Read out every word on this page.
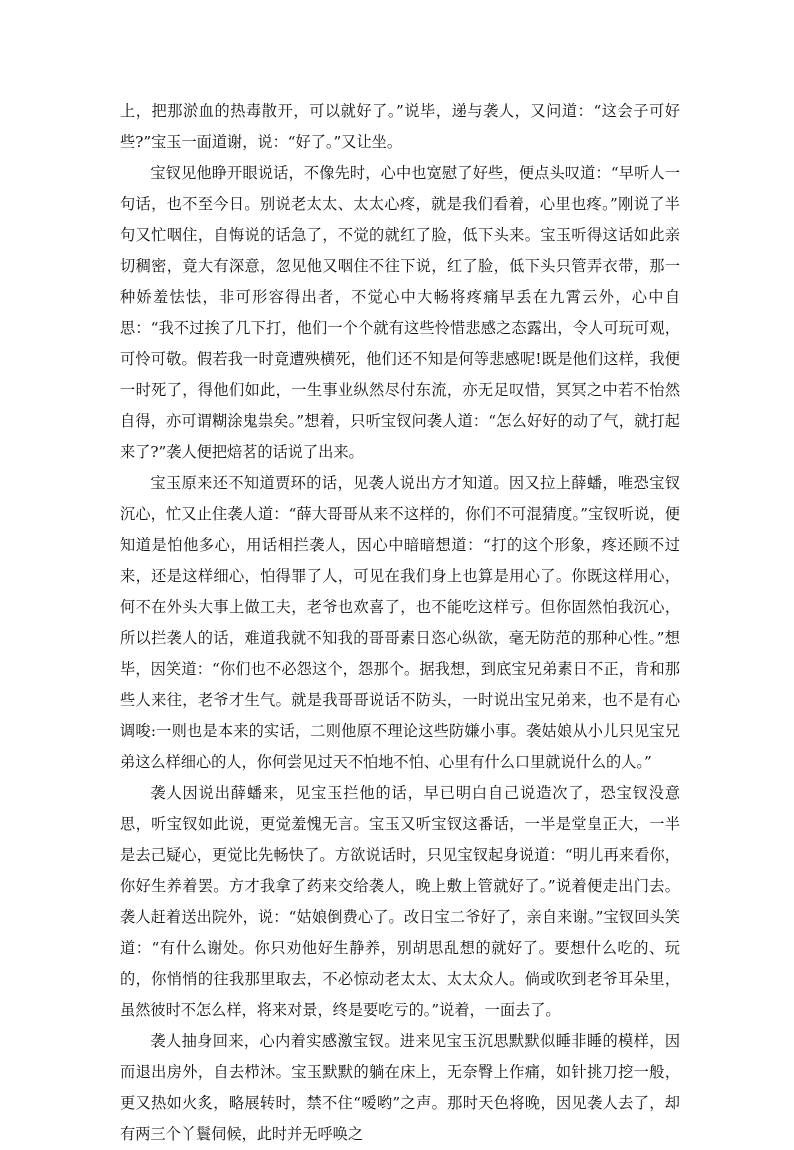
上，把那淤血的热毒散开，可以就好了。”说毕，递与袭人，又问道：“这会子可好些?”宝玉一面道谢，说：“好了。”又让坐。

宝钗见他睁开眼说话，不像先时，心中也宽慰了好些，便点头叹道：“早听人一句话，也不至今日。别说老太太、太太心疼，就是我们看着，心里也疼。”刚说了半句又忙咽住，自悔说的话急了，不觉的就红了脸，低下头来。宝玉听得这话如此亲切稠密，竟大有深意，忽见他又咽住不往下说，红了脸，低下头只管弄衣带，那一种娇羞怯怯，非可形容得出者，不觉心中大畅将疼痛早丢在九霄云外，心中自思：“我不过挨了几下打，他们一个个就有这些怜惜悲感之态露出，令人可玩可观，可怜可敬。假若我一时竟遭殃横死，他们还不知是何等悲感呢!既是他们这样，我便一时死了，得他们如此，一生事业纵然尽付东流，亦无足叹惜，冥冥之中若不怡然自得，亦可谓糊涂鬼祟矣。”想着，只听宝钗问袭人道：“怎么好好的动了气，就打起来了?”袭人便把焙茗的话说了出来。

宝玉原来还不知道贾环的话，见袭人说出方才知道。因又拉上薛蟠，唯恐宝钗沉心，忙又止住袭人道：“薛大哥哥从来不这样的，你们不可混猜度。”宝钗听说，便知道是怕他多心，用话相拦袭人，因心中暗暗想道：“打的这个形象，疼还顾不过来，还是这样细心，怕得罪了人，可见在我们身上也算是用心了。你既这样用心，何不在外头大事上做工夫，老爷也欢喜了，也不能吃这样亏。但你固然怕我沉心，所以拦袭人的话，难道我就不知我的哥哥素日恣心纵欲，毫无防范的那种心性。”想毕，因笑道：“你们也不必怨这个，怨那个。据我想，到底宝兄弟素日不正，肯和那些人来往，老爷才生气。就是我哥哥说话不防头，一时说出宝兄弟来，也不是有心调唆:一则也是本来的实话，二则他原不理论这些防嫌小事。袭姑娘从小儿只见宝兄弟这么样细心的人，你何尝见过天不怕地不怕、心里有什么口里就说什么的人。”

袭人因说出薛蟠来，见宝玉拦他的话，早已明白自己说造次了，恐宝钗没意思，听宝钗如此说，更觉羞愧无言。宝玉又听宝钗这番话，一半是堂皇正大，一半是去己疑心，更觉比先畅快了。方欲说话时，只见宝钗起身说道：“明儿再来看你，你好生养着罢。方才我拿了药来交给袭人，晚上敷上管就好了。”说着便走出门去。袭人赶着送出院外，说：“姑娘倒费心了。改日宝二爷好了，亲自来谢。”宝钗回头笑道：“有什么谢处。你只劝他好生静养，别胡思乱想的就好了。要想什么吃的、玩的，你悄悄的往我那里取去，不必惊动老太太、太太众人。倘或吹到老爷耳朵里，虽然彼时不怎么样，将来对景，终是要吃亏的。”说着，一面去了。

袭人抽身回来，心内着实感激宝钗。进来见宝玉沉思默默似睡非睡的模样，因而退出房外，自去栉沐。宝玉默默的躺在床上，无奈臀上作痛，如针挑刀挖一般，更又热如火炙，略展转时，禁不住“嗳哟”之声。那时天色将晚，因见袭人去了，却有两三个丫鬟伺候，此时并无呼唤之
